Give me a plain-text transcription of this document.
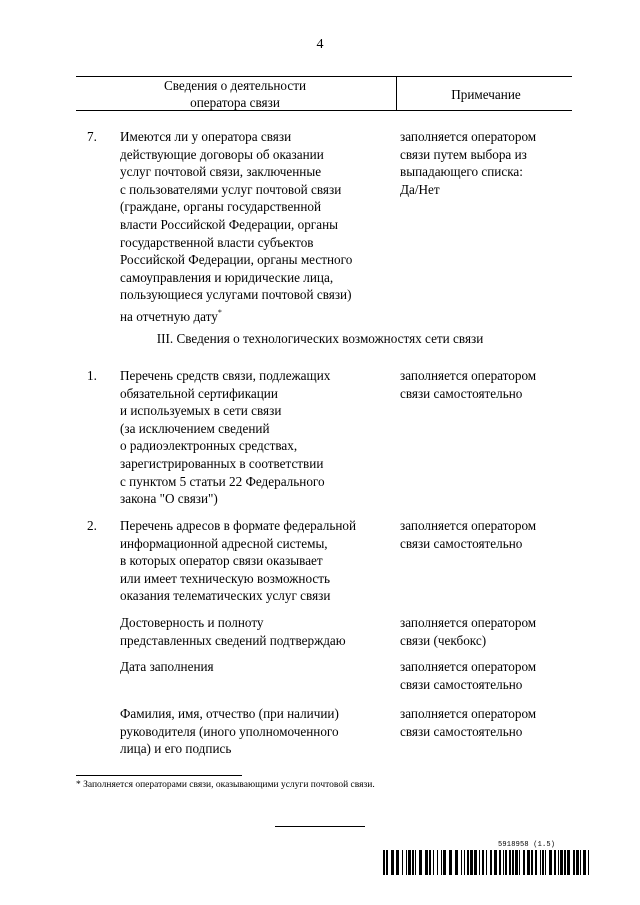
4
Сведения о деятельности
оператора связи
Примечание
7.	Имеются ли у оператора связи
действующие договоры об оказании
услуг почтовой связи, заключенные
с пользователями услуг почтовой связи
(граждане, органы государственной
власти Российской Федерации, органы
государственной власти субъектов
Российской Федерации, органы местного
самоуправления и юридические лица,
пользующиеся услугами почтовой связи)
на отчетную дату*
заполняется оператором
связи путем выбора из
выпадающего списка:
Да/Нет
III. Сведения о технологических возможностях сети связи
1.	Перечень средств связи, подлежащих
обязательной сертификации
и используемых в сети связи
(за исключением сведений
о радиоэлектронных средствах,
зарегистрированных в соответствии
с пунктом 5 статьи 22 Федерального
закона "О связи")
заполняется оператором
связи самостоятельно
2.	Перечень адресов в формате федеральной
информационной адресной системы,
в которых оператор связи оказывает
или имеет техническую возможность
оказания телематических услуг связи
заполняется оператором
связи самостоятельно
Достоверность и полноту
представленных сведений подтверждаю
заполняется оператором
связи (чекбокс)
Дата заполнения	заполняется оператором
связи самостоятельно
Фамилия, имя, отчество (при наличии)
руководителя (иного уполномоченного
лица) и его подпись
заполняется оператором
связи самостоятельно
* Заполняется операторами связи, оказывающими услуги почтовой связи.
5918958 (1.5)
